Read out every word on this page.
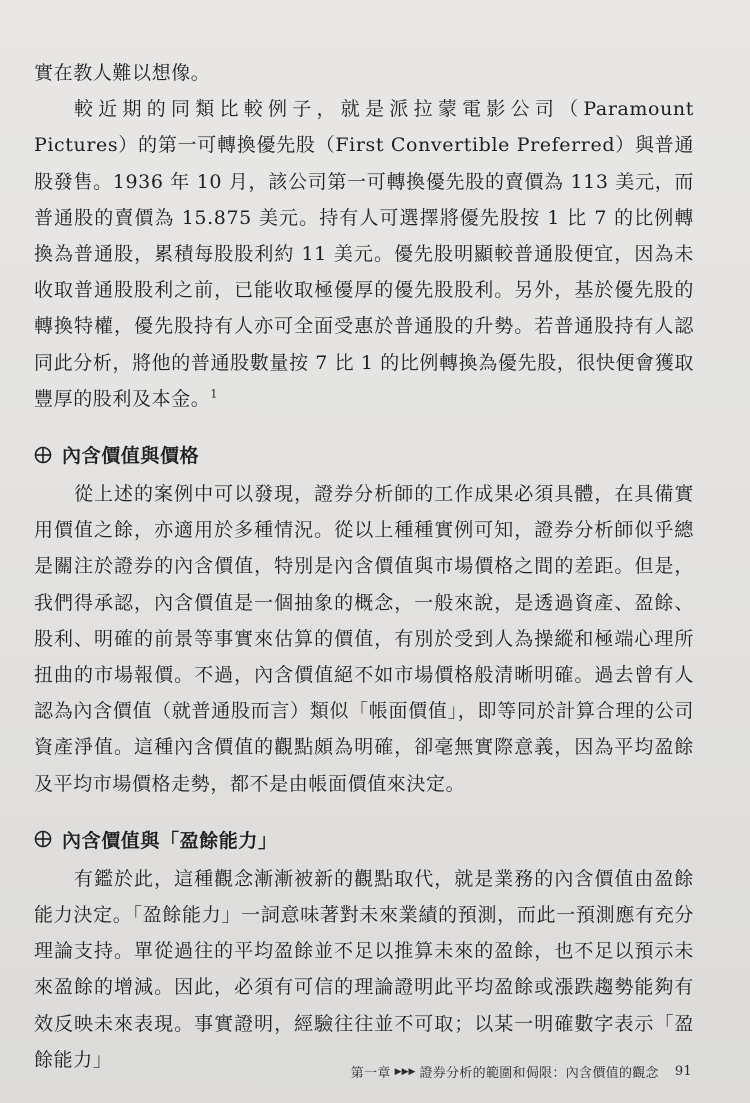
實在教人難以想像。

較近期的同類比較例子，就是派拉蒙電影公司（Paramount Pictures）的第一可轉換優先股（First Convertible Preferred）與普通股發售。1936 年 10 月，該公司第一可轉換優先股的賣價為 113 美元，而普通股的賣價為 15.875 美元。持有人可選擇將優先股按 1 比 7 的比例轉換為普通股，累積每股股利約 11 美元。優先股明顯較普通股便宜，因為未收取普通股股利之前，已能收取極優厚的優先股股利。另外，基於優先股的轉換特權，優先股持有人亦可全面受惠於普通股的升勢。若普通股持有人認同此分析，將他的普通股數量按 7 比 1 的比例轉換為優先股，很快便會獲取豐厚的股利及本金。$^1$

內含價值與價格

從上述的案例中可以發現，證券分析師的工作成果必須具體，在具備實用價值之餘，亦適用於多種情況。從以上種種實例可知，證券分析師似乎總是關注於證券的內含價值，特別是內含價值與市場價格之間的差距。但是，我們得承認，內含價值是一個抽象的概念，一般來說，是透過資產、盈餘、股利、明確的前景等事實來估算的價值，有別於受到人為操縱和極端心理所扭曲的市場報價。不過，內含價值絕不如市場價格般清晰明確。過去曾有人認為內含價值（就普通股而言）類似「帳面價值」，即等同於計算合理的公司資產淨值。這種內含價值的觀點頗為明確，卻毫無實際意義，因為平均盈餘及平均市場價格走勢，都不是由帳面價值來決定。

內含價值與「盈餘能力」

有鑑於此，這種觀念漸漸被新的觀點取代，就是業務的內含價值由盈餘能力決定。「盈餘能力」一詞意味著對未來業績的預測，而此一預測應有充分理論支持。單從過往的平均盈餘並不足以推算未來的盈餘，也不足以預示未來盈餘的增減。因此，必須有可信的理論證明此平均盈餘或漲跌趨勢能夠有效反映未來表現。事實證明，經驗往往並不可取；以某一明確數字表示「盈餘能力」

第一章 ▶▶▶ 證券分析的範圍和侷限：內含價值的觀念 91
